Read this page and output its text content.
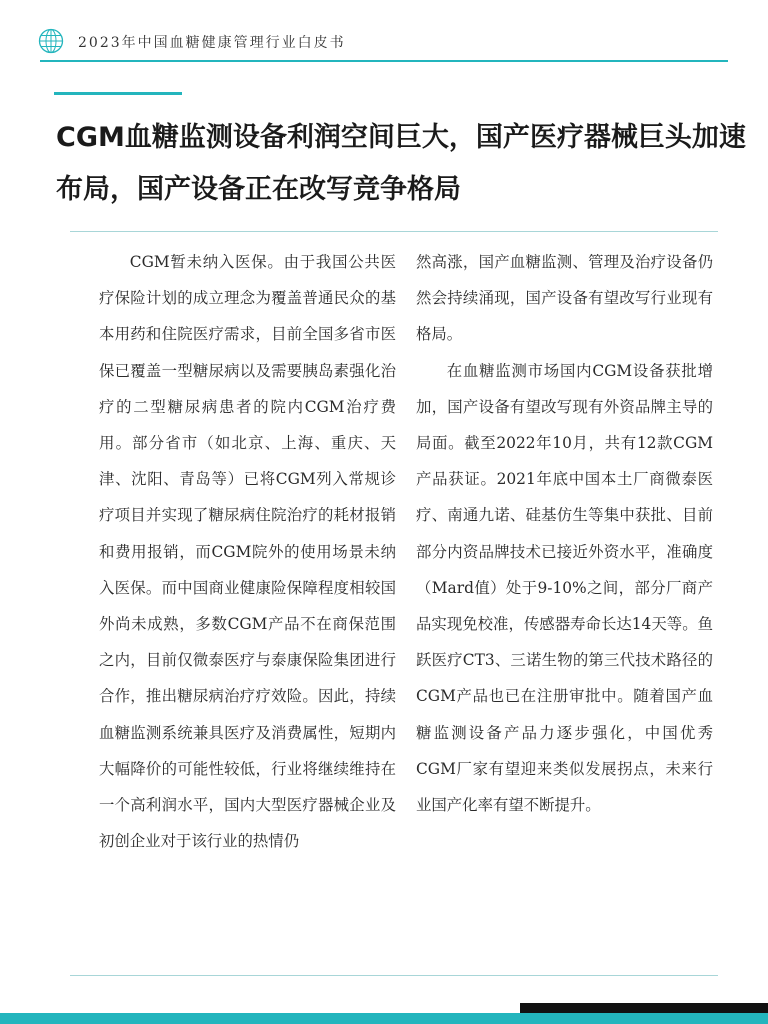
2023年中国血糖健康管理行业白皮书
CGM血糖监测设备利润空间巨大，国产医疗器械巨头加速布局，国产设备正在改写竞争格局

CGM暂未纳入医保。由于我国公共医疗保险计划的成立理念为覆盖普通民众的基本用药和住院医疗需求，目前全国多省市医保已覆盖一型糖尿病以及需要胰岛素强化治疗的二型糖尿病患者的院内CGM治疗费用。部分省市（如北京、上海、重庆、天津、沈阳、青岛等）已将CGM列入常规诊疗项目并实现了糖尿病住院治疗的耗材报销和费用报销，而CGM院外的使用场景未纳入医保。而中国商业健康险保障程度相较国外尚未成熟，多数CGM产品不在商保范围之内，目前仅微泰医疗与泰康保险集团进行合作，推出糖尿病治疗疗效险。因此，持续血糖监测系统兼具医疗及消费属性，短期内大幅降价的可能性较低，行业将继续维持在一个高利润水平，国内大型医疗器械企业及初创企业对于该行业的热情仍

然高涨，国产血糖监测、管理及治疗设备仍然会持续涌现，国产设备有望改写行业现有格局。

在血糖监测市场国内CGM设备获批增加，国产设备有望改写现有外资品牌主导的局面。截至2022年10月，共有12款CGM产品获证。2021年底中国本土厂商微泰医疗、南通九诺、硅基仿生等集中获批、目前部分内资品牌技术已接近外资水平，准确度（Mard值）处于9-10%之间，部分厂商产品实现免校准，传感器寿命长达14天等。鱼跃医疗CT3、三诺生物的第三代技术路径的CGM产品也已在注册审批中。随着国产血糖监测设备产品力逐步强化，中国优秀CGM厂家有望迎来类似发展拐点，未来行业国产化率有望不断提升。
